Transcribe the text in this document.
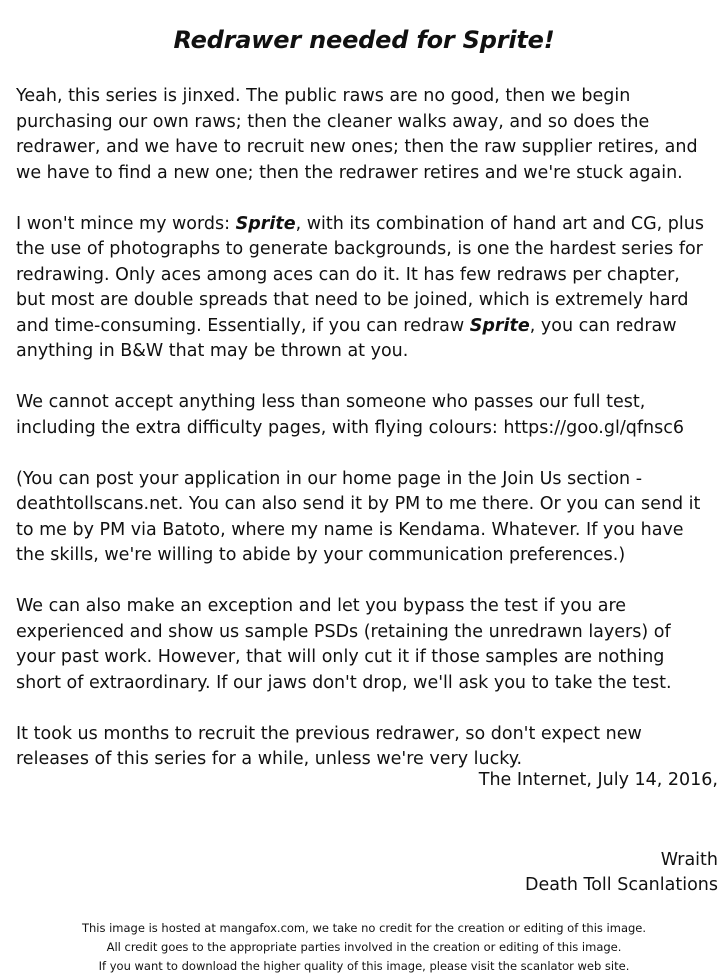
Redrawer needed for Sprite!

Yeah, this series is jinxed. The public raws are no good, then we begin
purchasing our own raws; then the cleaner walks away, and so does the
redrawer, and we have to recruit new ones; then the raw supplier retires, and
we have to find a new one; then the redrawer retires and we're stuck again.

I won't mince my words: Sprite, with its combination of hand art and CG, plus
the use of photographs to generate backgrounds, is one the hardest series for
redrawing. Only aces among aces can do it. It has few redraws per chapter,
but most are double spreads that need to be joined, which is extremely hard
and time-consuming. Essentially, if you can redraw Sprite, you can redraw
anything in B&W that may be thrown at you.

We cannot accept anything less than someone who passes our full test,
including the extra difficulty pages, with flying colours: https://goo.gl/qfnsc6

(You can post your application in our home page in the Join Us section -
deathtollscans.net. You can also send it by PM to me there. Or you can send it
to me by PM via Batoto, where my name is Kendama. Whatever. If you have
the skills, we're willing to abide by your communication preferences.)

We can also make an exception and let you bypass the test if you are
experienced and show us sample PSDs (retaining the unredrawn layers) of
your past work. However, that will only cut it if those samples are nothing
short of extraordinary. If our jaws don't drop, we'll ask you to take the test.

It took us months to recruit the previous redrawer, so don't expect new
releases of this series for a while, unless we're very lucky.

The Internet, July 14, 2016,
Wraith
Death Toll Scanlations
This image is hosted at mangafox.com, we take no credit for the creation or editing of this image.
All credit goes to the appropriate parties involved in the creation or editing of this image.
If you want to download the higher quality of this image, please visit the scanlator web site.
